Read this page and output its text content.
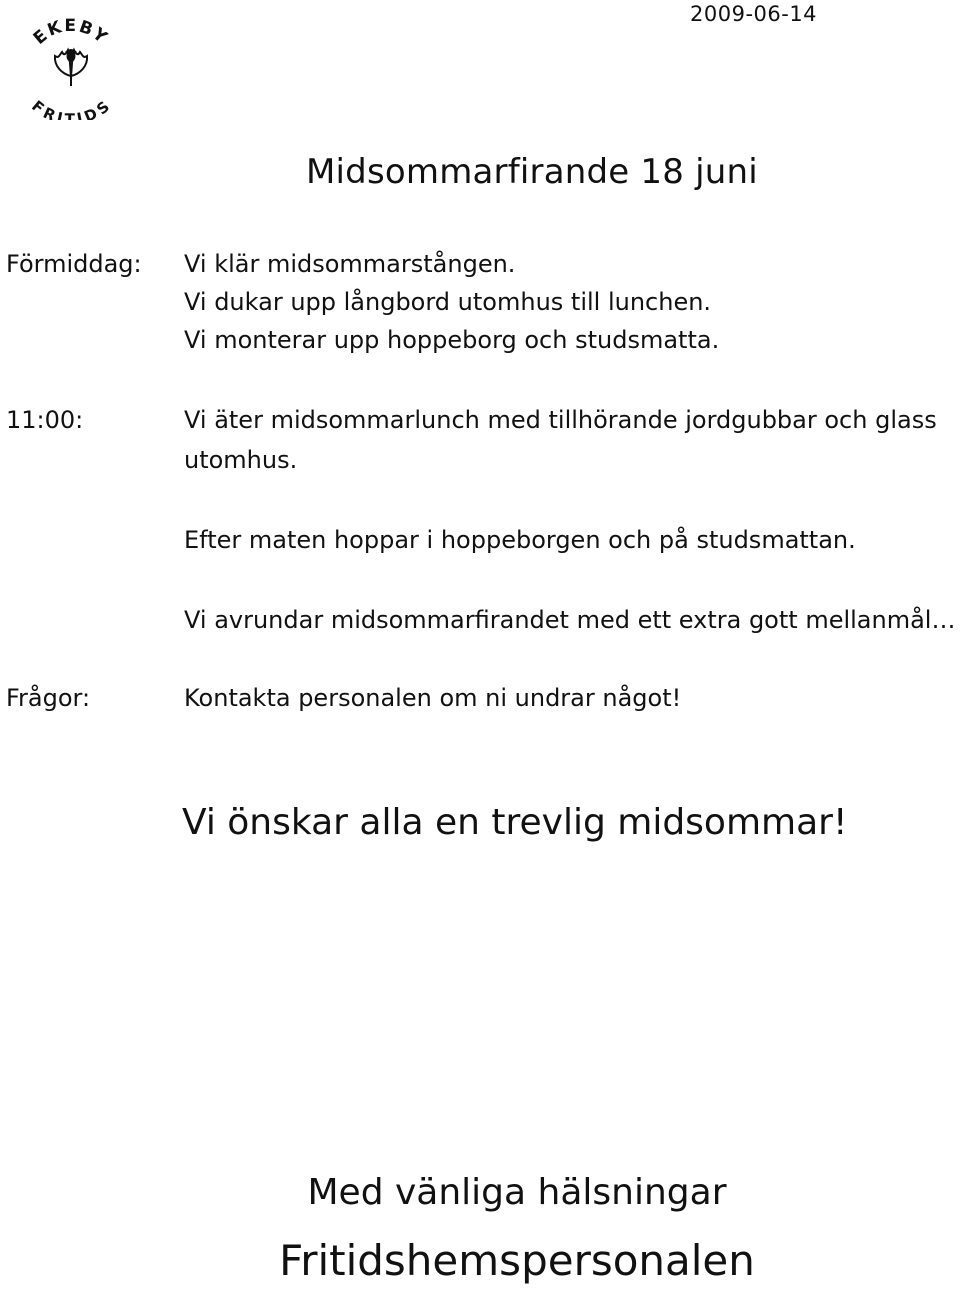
2009-06-14
EKEBY
FRITIDS
Midsommarfirande 18 juni
Förmiddag: Vi klär midsommarstången.
Vi dukar upp långbord utomhus till lunchen.
Vi monterar upp hoppeborg och studsmatta.
11:00:	Vi äter midsommarlunch med tillhörande jordgubbar och glass
utomhus.
Efter maten hoppar i hoppeborgen och på studsmattan.
Vi avrundar midsommarfirandet med ett extra gott mellanmål…
Frågor:	Kontakta personalen om ni undrar något!
Vi önskar alla en trevlig midsommar!
Med vänliga hälsningar
Fritidshemspersonalen
